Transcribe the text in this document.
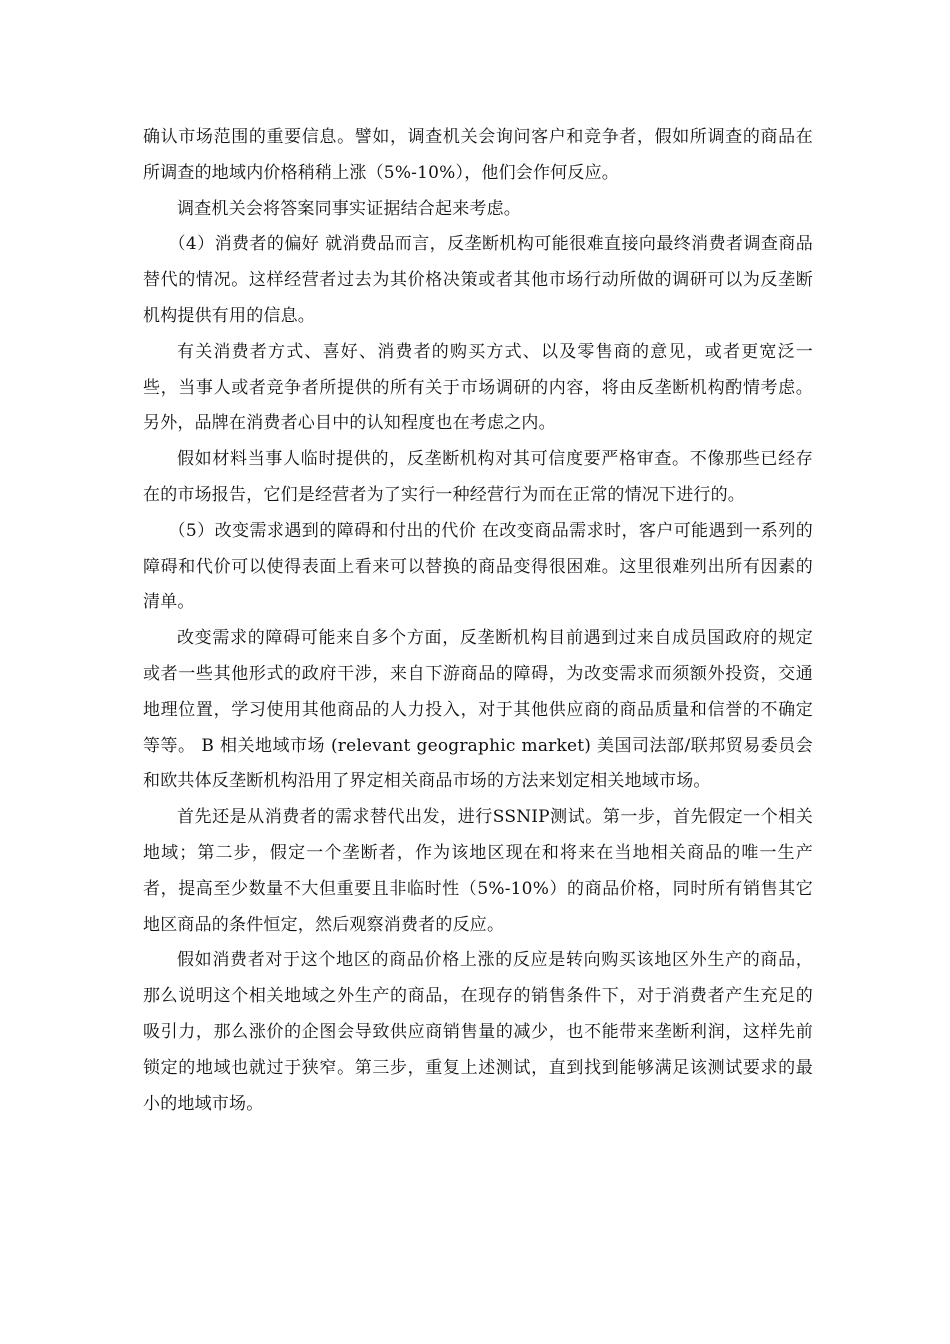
确认市场范围的重要信息。譬如，调查机关会询问客户和竞争者，假如所调查的商品在所调查的地域内价格稍稍上涨（5%-10%），他们会作何反应。

调查机关会将答案同事实证据结合起来考虑。

（4）消费者的偏好 就消费品而言，反垄断机构可能很难直接向最终消费者调查商品替代的情况。这样经营者过去为其价格决策或者其他市场行动所做的调研可以为反垄断机构提供有用的信息。

有关消费者方式、喜好、消费者的购买方式、以及零售商的意见，或者更宽泛一些，当事人或者竞争者所提供的所有关于市场调研的内容，将由反垄断机构酌情考虑。另外，品牌在消费者心目中的认知程度也在考虑之内。

假如材料当事人临时提供的，反垄断机构对其可信度要严格审查。不像那些已经存在的市场报告，它们是经营者为了实行一种经营行为而在正常的情况下进行的。

（5）改变需求遇到的障碍和付出的代价 在改变商品需求时，客户可能遇到一系列的障碍和代价可以使得表面上看来可以替换的商品变得很困难。这里很难列出所有因素的清单。

改变需求的障碍可能来自多个方面，反垄断机构目前遇到过来自成员国政府的规定或者一些其他形式的政府干涉，来自下游商品的障碍，为改变需求而须额外投资，交通地理位置，学习使用其他商品的人力投入，对于其他供应商的商品质量和信誉的不确定等等。 B 相关地域市场 (relevant geographic market) 美国司法部/联邦贸易委员会和欧共体反垄断机构沿用了界定相关商品市场的方法来划定相关地域市场。

首先还是从消费者的需求替代出发，进行SSNIP测试。第一步，首先假定一个相关地域；第二步，假定一个垄断者，作为该地区现在和将来在当地相关商品的唯一生产者，提高至少数量不大但重要且非临时性（5%-10%）的商品价格，同时所有销售其它地区商品的条件恒定，然后观察消费者的反应。

假如消费者对于这个地区的商品价格上涨的反应是转向购买该地区外生产的商品，那么说明这个相关地域之外生产的商品，在现存的销售条件下，对于消费者产生充足的吸引力，那么涨价的企图会导致供应商销售量的减少，也不能带来垄断利润，这样先前锁定的地域也就过于狭窄。第三步，重复上述测试，直到找到能够满足该测试要求的最小的地域市场。
